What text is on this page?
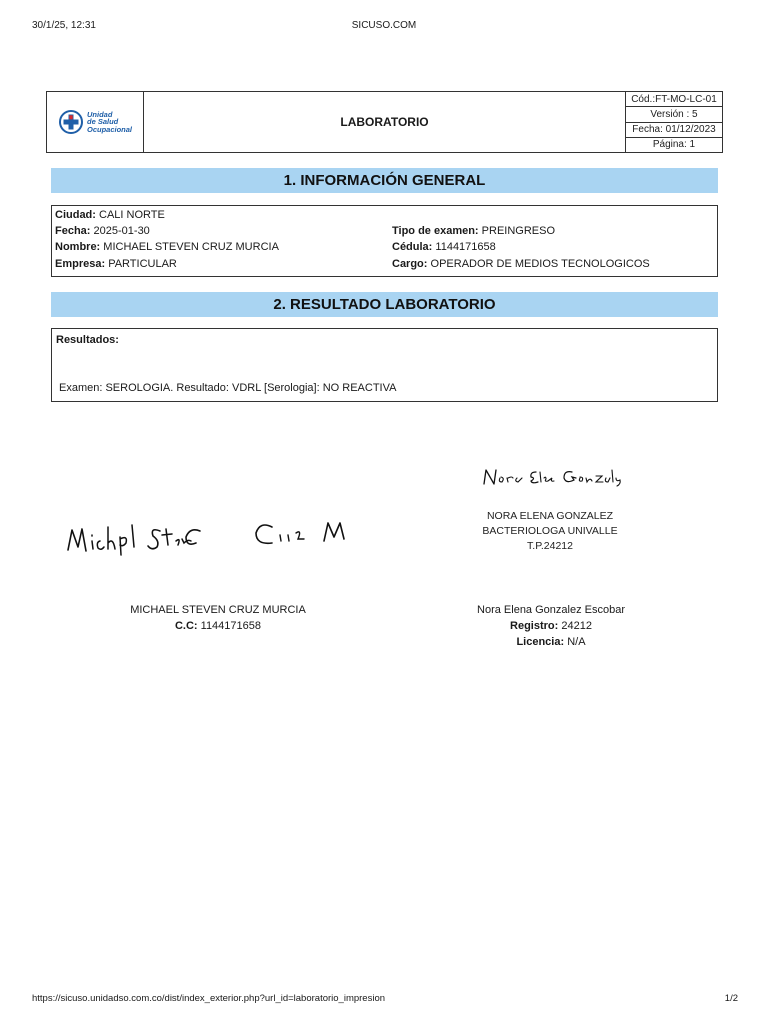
30/1/25, 12:31	SICUSO.COM
Unidad
de Salud
Ocupacional
LABORATORIO
Cód.:FT-MO-LC-01
Versión : 5
Fecha: 01/12/2023
Página: 1
1. INFORMACIÓN GENERAL
Ciudad: CALI NORTE
Fecha: 2025-01-30
Nombre: MICHAEL STEVEN CRUZ MURCIA
Empresa: PARTICULAR
Tipo de examen: PREINGRESO
Cédula: 1144171658
Cargo: OPERADOR DE MEDIOS TECNOLOGICOS
2. RESULTADO LABORATORIO
Resultados:
Examen: SEROLOGIA. Resultado: VDRL [Serologia]: NO REACTIVA
NORA ELENA GONZALEZ
BACTERIOLOGA UNIVALLE
T.P.24212
MICHAEL STEVEN CRUZ MURCIA
C.C: 1144171658
Nora Elena Gonzalez Escobar
Registro: 24212
Licencia: N/A
https://sicuso.unidadso.com.co/dist/index_exterior.php?url_id=laboratorio_impresion	1/2
